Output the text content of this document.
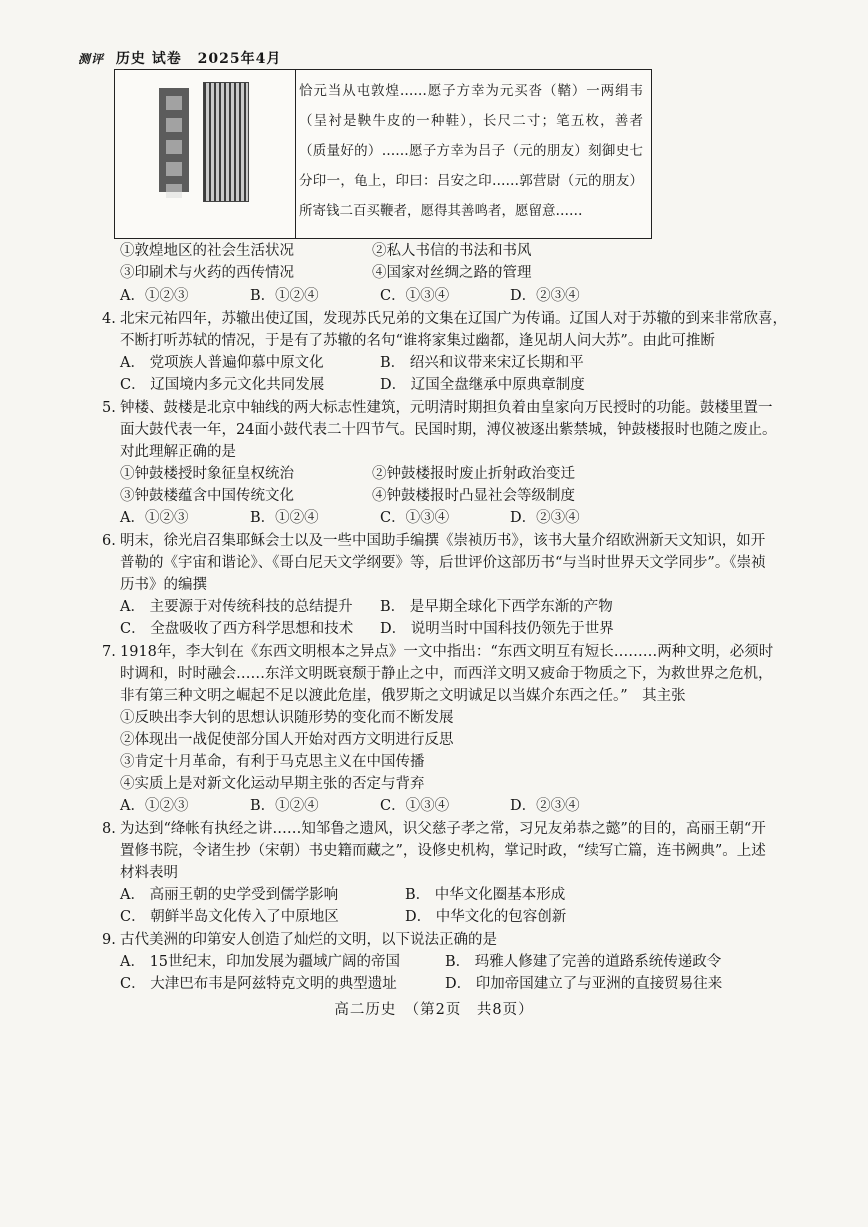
测评 历史 试卷 2025年4月
恰元当从屯敦煌……愿子方幸为元买沓（鞜）一两绢韦（呈衬是鞅牛皮的一种鞋），长尺二寸；笔五枚，善者（质量好的）……愿子方幸为吕子（元的朋友）刻御史七分印一，龟上，印曰：吕安之印……郭营尉（元的朋友）所寄钱二百买鞭者，愿得其善鸣者，愿留意……
①敦煌地区的社会生活状况	②私人书信的书法和书风
③印刷术与火药的西传情况	④国家对丝绸之路的管理
A．①②③	B．①②④	C．①③④	D．②③④
4. 北宋元祐四年，苏辙出使辽国，发现苏氏兄弟的文集在辽国广为传诵。辽国人对于苏辙的到来非常欣喜，
不断打听苏轼的情况，于是有了苏辙的名句“谁将家集过幽都，逢见胡人问大苏”。由此可推断
A． 党项族人普遍仰慕中原文化	B． 绍兴和议带来宋辽长期和平
C． 辽国境内多元文化共同发展	D． 辽国全盘继承中原典章制度
5. 钟楼、鼓楼是北京中轴线的两大标志性建筑，元明清时期担负着由皇家向万民授时的功能。鼓楼里置一
面大鼓代表一年，24面小鼓代表二十四节气。民国时期，溥仪被逐出紫禁城，钟鼓楼报时也随之废止。
对此理解正确的是
①钟鼓楼授时象征皇权统治	②钟鼓楼报时废止折射政治变迁
③钟鼓楼蕴含中国传统文化	④钟鼓楼报时凸显社会等级制度
A．①②③	B．①②④	C．①③④	D．②③④
6. 明末，徐光启召集耶稣会士以及一些中国助手编撰《崇祯历书》，该书大量介绍欧洲新天文知识，如开
普勒的《宇宙和谐论》、《哥白尼天文学纲要》等，后世评价这部历书“与当时世界天文学同步”。《崇祯
历书》的编撰
A． 主要源于对传统科技的总结提升 B． 是早期全球化下西学东渐的产物
C． 全盘吸收了西方科学思想和技术 D． 说明当时中国科技仍领先于世界
7. 1918年，李大钊在《东西文明根本之异点》一文中指出：“东西文明互有短长………两种文明，必须时
时调和，时时融会……东洋文明既衰颓于静止之中，而西洋文明又疲命于物质之下，为救世界之危机，
非有第三种文明之崛起不足以渡此危崖，俄罗斯之文明诚足以当媒介东西之任。”　其主张
①反映出李大钊的思想认识随形势的变化而不断发展
②体现出一战促使部分国人开始对西方文明进行反思
③肯定十月革命，有利于马克思主义在中国传播
④实质上是对新文化运动早期主张的否定与背弃
A．①②③	B．①②④	C．①③④	D．②③④
8. 为达到“绛帐有执经之讲……知邹鲁之遗风，识父慈子孝之常，习兄友弟恭之懿”的目的，高丽王朝“开
置修书院，令诸生抄（宋朝）书史籍而藏之”，设修史机构，掌记时政，“续写亡篇，连书阙典”。上述
材料表明
A． 高丽王朝的史学受到儒学影响	B． 中华文化圈基本形成
C． 朝鲜半岛文化传入了中原地区	D． 中华文化的包容创新
9. 古代美洲的印第安人创造了灿烂的文明，以下说法正确的是
A． 15世纪末，印加发展为疆域广阔的帝国	B． 玛雅人修建了完善的道路系统传递政令
C． 大津巴布韦是阿兹特克文明的典型遗址	D． 印加帝国建立了与亚洲的直接贸易往来
高二历史　（第2页　共8页）
